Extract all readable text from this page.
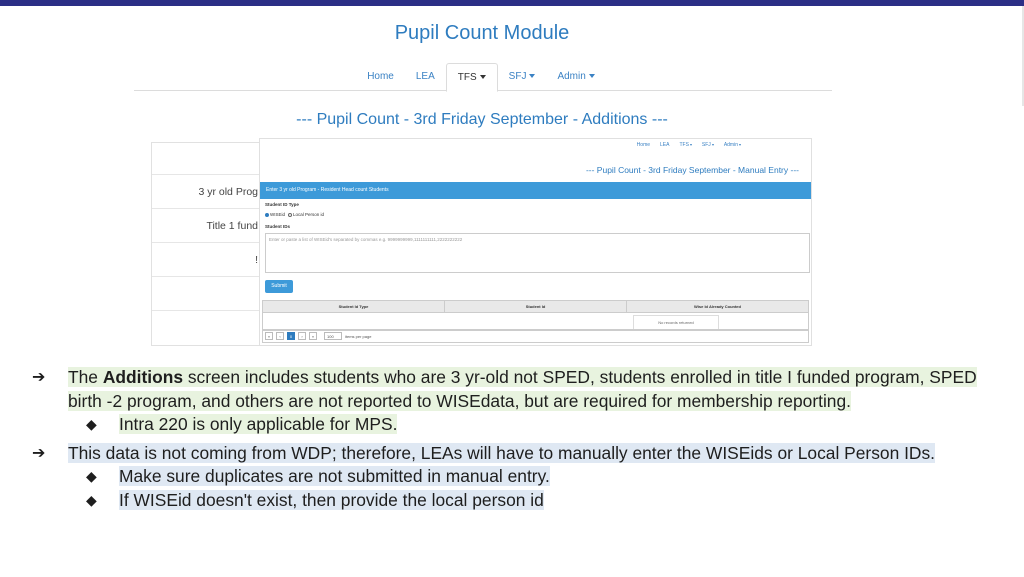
Pupil Count Module
Home	LEA	TFS	SFJ	Admin
--- Pupil Count - 3rd Friday September - Additions ---
3 yr old Prog
Title 1 fund
!
Home LEA TFS	SFJ	Admin
--- Pupil Count - 3rd Friday September - Manual Entry ---
Enter 3 yr old Program - Resident Head count Students
Student ID Type
WISEid Local Person id
Student IDs
Enter or paste a list of WISEid's separated by commas e.g. 9999999999,1111111111,2222222222
Submit
Student Id Type	Student Id	Wise Id Already Counted
No records returned
«	‹	0	›	»	100	items per page
➔ The Additions screen includes students who are 3 yr-old not SPED, students enrolled in title I funded program, SPED birth -2 program, and others are not reported to WISEdata, but are required for membership reporting.
◆ Intra 220 is only applicable for MPS.
➔ This data is not coming from WDP; therefore, LEAs will have to manually enter the WISEids or Local Person IDs.
◆ Make sure duplicates are not submitted in manual entry.
◆ If WISEid doesn't exist, then provide the local person id
